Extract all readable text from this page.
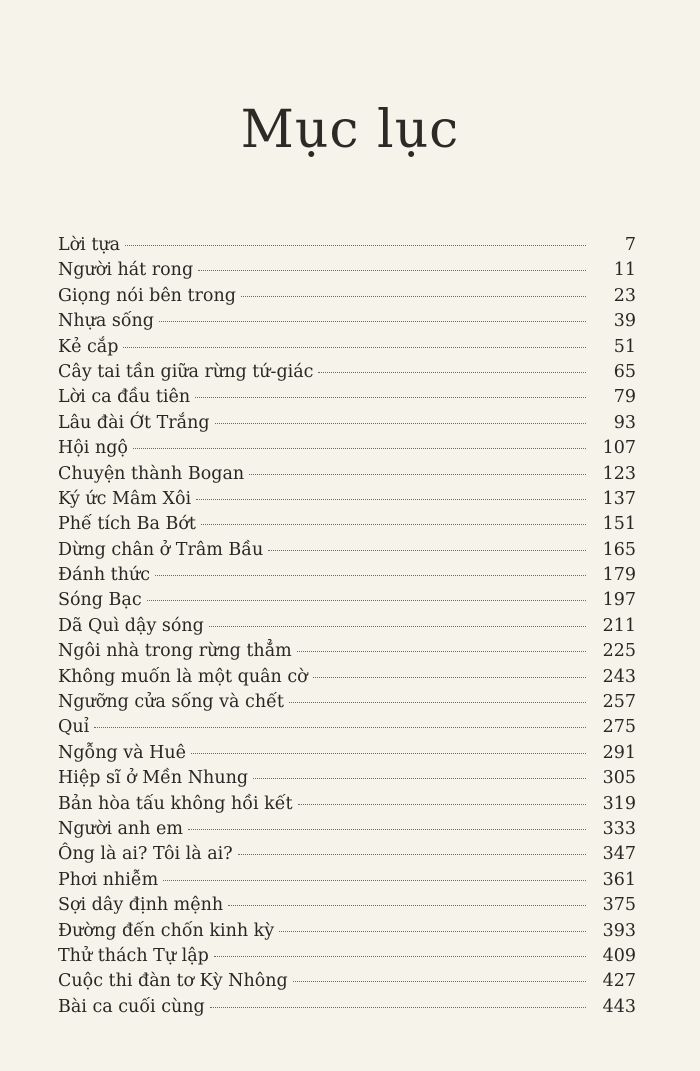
Mục lục
Lời tựa	7
Người hát rong	11
Giọng nói bên trong	23
Nhựa sống	39
Kẻ cắp	51
Cây tai tần giữa rừng tứ-giác	65
Lời ca đầu tiên	79
Lâu đài Ớt Trắng	93
Hội ngộ	107
Chuyện thành Bogan	123
Ký ức Mâm Xôi	137
Phế tích Ba Bớt	151
Dừng chân ở Trâm Bầu	165
Đánh thức	179
Sóng Bạc	197
Dã Quì dậy sóng	211
Ngôi nhà trong rừng thẳm	225
Không muốn là một quân cờ	243
Ngưỡng cửa sống và chết	257
Quỉ	275
Ngỗng và Huê	291
Hiệp sĩ ở Mền Nhung	305
Bản hòa tấu không hồi kết	319
Người anh em	333
Ông là ai? Tôi là ai?	347
Phơi nhiễm	361
Sợi dây định mệnh	375
Đường đến chốn kinh kỳ	393
Thử thách Tự lập	409
Cuộc thi đàn tơ Kỳ Nhông	427
Bài ca cuối cùng	443
